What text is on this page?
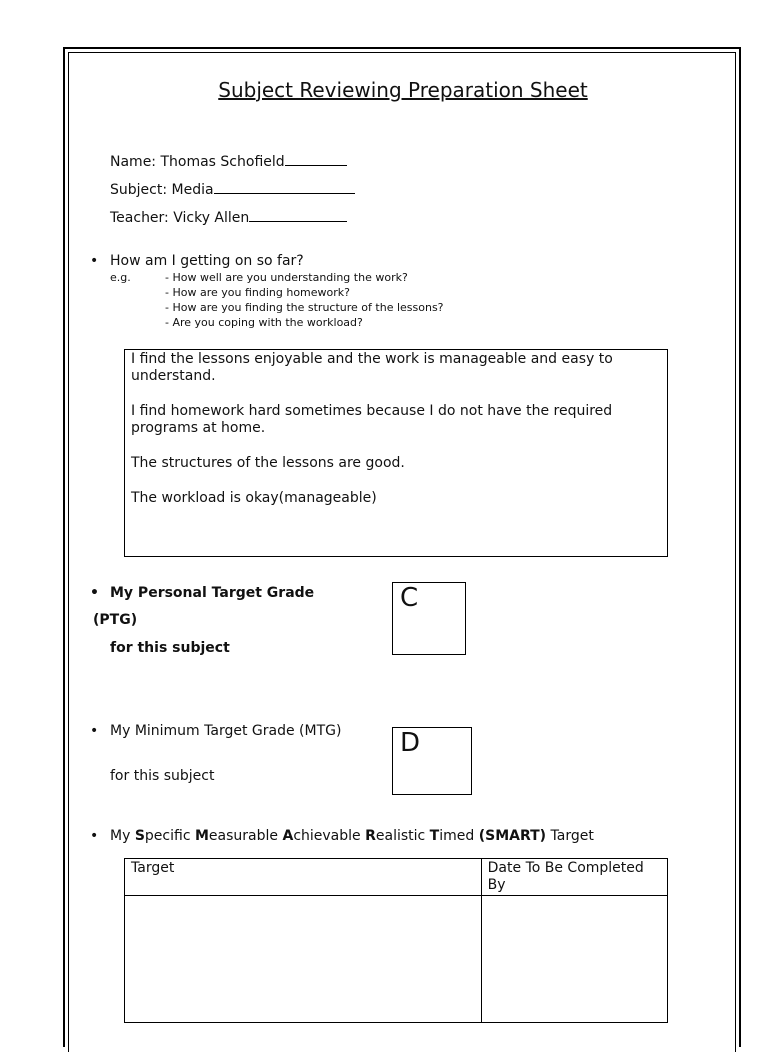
Subject Reviewing Preparation Sheet
Name: Thomas Schofield
Subject: Media
Teacher: Vicky Allen
• How am I getting on so far?
e.g.	- How well are you understanding the work?
- How are you finding homework?
- How are you finding the structure of the lessons?
- Are you coping with the workload?

I find the lessons enjoyable and the work is manageable and easy to understand.

I find homework hard sometimes because I do not have the required programs at home.

The structures of the lessons are good.

The workload is okay(manageable)

• My Personal Target Grade
(PTG)
for this subject
C
• My Minimum Target Grade (MTG)
for this subject
D
• My Specific Measurable Achievable Realistic Timed (SMART) Target
Target	Date To Be Completed By
